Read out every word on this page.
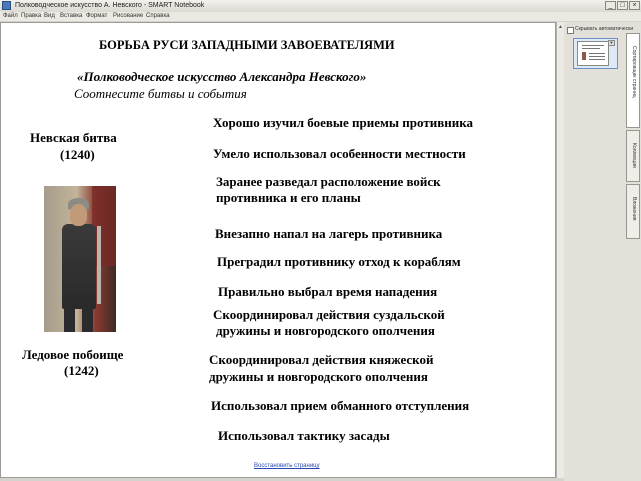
Полководческое искусство А. Невского - SMART Notebook	_	□	×
Файл Правка Вид Вставка Формат Рисование Справка
БОРЬБА РУСИ ЗАПАДНЫМИ ЗАВОЕВАТЕЛЯМИ
«Полководческое искусство Александра Невского»
Соотнесите битвы и события
Невская битва
(1240)
Ледовое побоище
(1242)
Хорошо изучил боевые приемы противника
Умело использовал особенности местности
Заранее разведал расположение войск
противника и его планы
Внезапно напал на лагерь противника
Преградил противнику отход к кораблям
Правильно выбрал время нападения
Скоординировал действия суздальской
дружины и новгородского ополчения
Скоординировал действия княжеской
дружины и новгородского ополчения
Использовал прием обманного отступления
Использовал тактику засады
Восстановить страницу
▲ Скрывать автоматически
▼
Сортировщик страниц
Коллекция
Вложения
